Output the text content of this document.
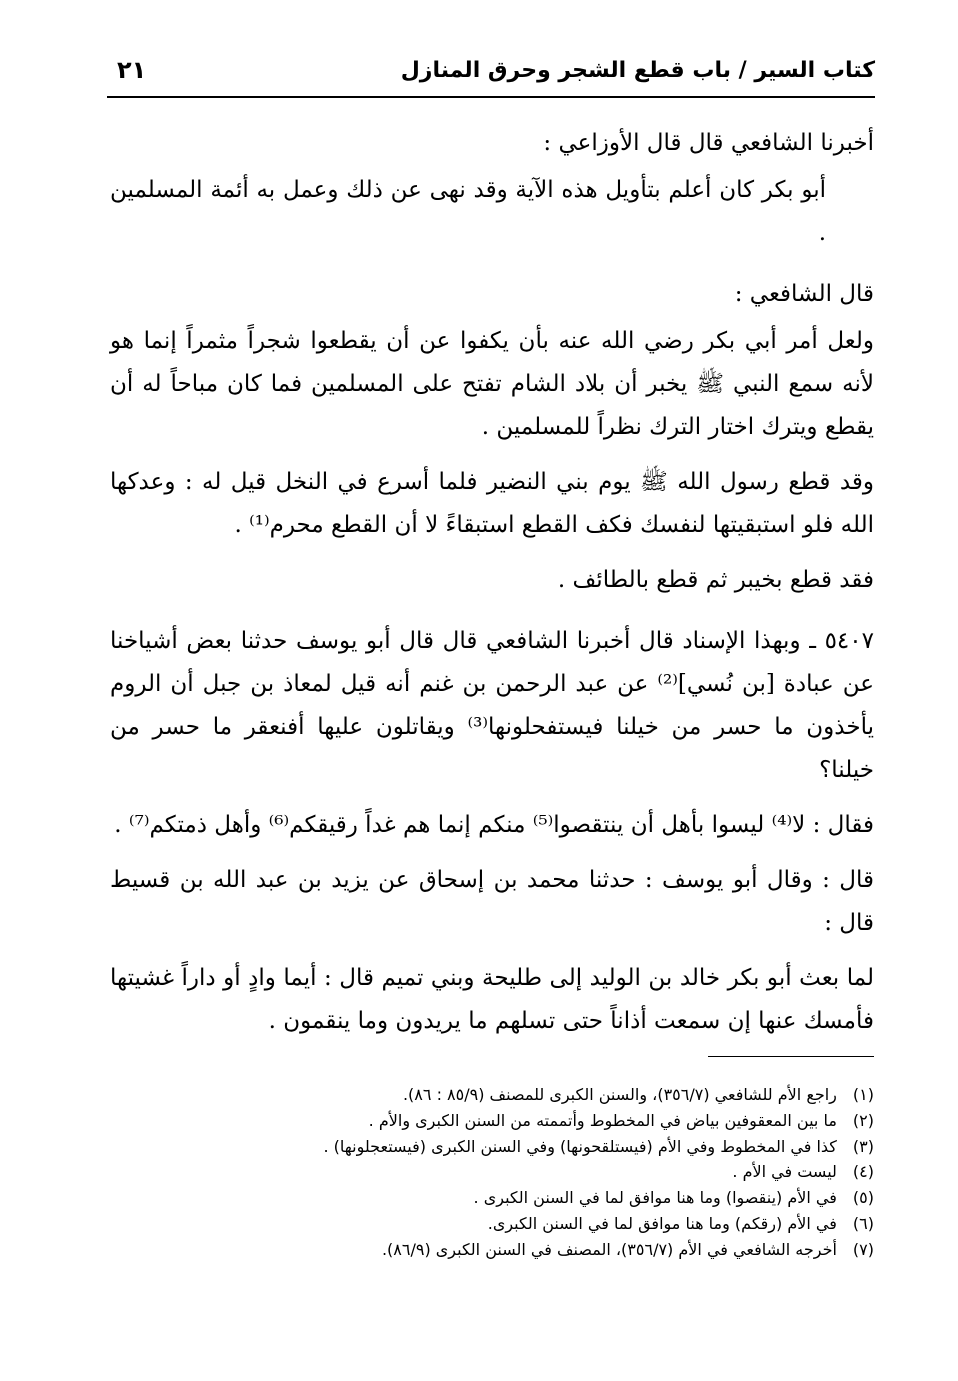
كتاب السير / باب قطع الشجر وحرق المنازل
٢١

أخبرنا الشافعي قال قال الأوزاعي :

أبو بكر كان أعلم بتأويل هذه الآية وقد نهى عن ذلك وعمل به أئمة المسلمين .

قال الشافعي :

ولعل أمر أبي بكر رضي الله عنه بأن يكفوا عن أن يقطعوا شجراً مثمراً إنما هو لأنه سمع النبي ﷺ يخبر أن بلاد الشام تفتح على المسلمين فما كان مباحاً له أن يقطع ويترك اختار الترك نظراً للمسلمين .

وقد قطع رسول الله ﷺ يوم بني النضير فلما أسرع في النخل قيل له : وعدكها الله فلو استبقيتها لنفسك فكف القطع استبقاءً لا أن القطع محرم⁽¹⁾ .

فقد قطع بخيبر ثم قطع بالطائف .

٥٤٠٧ ـ وبهذا الإسناد قال أخبرنا الشافعي قال قال أبو يوسف حدثنا بعض أشياخنا عن عبادة [بن نُسي]⁽²⁾ عن عبد الرحمن بن غنم أنه قيل لمعاذ بن جبل أن الروم يأخذون ما حسر من خيلنا فيستفحلونها⁽³⁾ ويقاتلون عليها أفنعقر ما حسر من خيلنا؟

فقال : لا⁽⁴⁾ ليسوا بأهل أن ينتقصوا⁽⁵⁾ منكم إنما هم غداً رقيقكم⁽⁶⁾ وأهل ذمتكم⁽⁷⁾ .

قال : وقال أبو يوسف : حدثنا محمد بن إسحاق عن يزيد بن عبد الله بن قسيط قال :

لما بعث أبو بكر خالد بن الوليد إلى طليحة وبني تميم قال : أيما وادٍ أو داراً غشيتها فأمسك عنها إن سمعت أذاناً حتى تسلهم ما يريدون وما ينقمون .

(١) راجع الأم للشافعي (٣٥٦/٧)، والسنن الكبرى للمصنف (٨٥/٩ : ٨٦).
(٢) ما بين المعقوفين بياض في المخطوط وأتممته من السنن الكبرى والأم .
(٣) كذا في المخطوط وفي الأم (فيستلقحونها) وفي السنن الكبرى (فيستعجلونها) .
(٤) ليست في الأم .
(٥) في الأم (ينقصوا) وما هنا موافق لما في السنن الكبرى .
(٦) في الأم (رقكم) وما هنا موافق لما في السنن الكبرى.
(٧) أخرجه الشافعي في الأم (٣٥٦/٧)، المصنف في السنن الكبرى (٨٦/٩).
